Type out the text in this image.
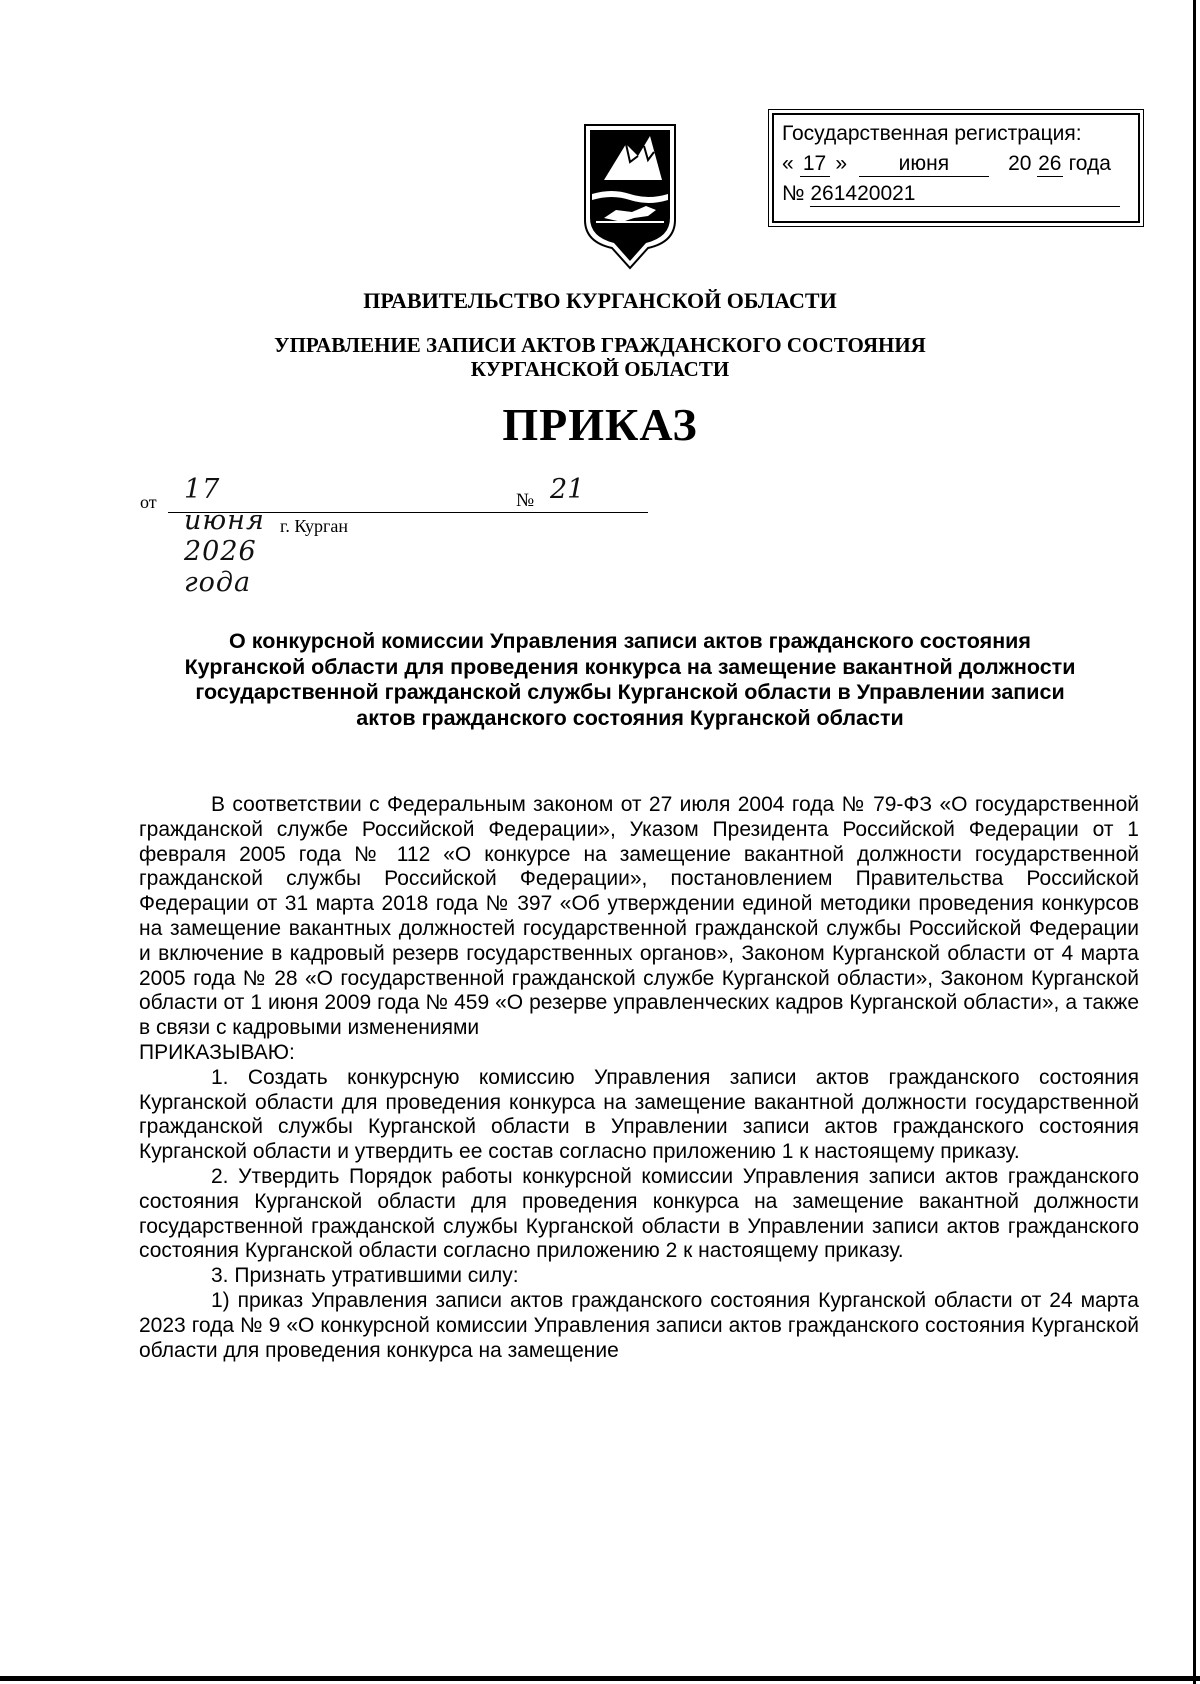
Государственная регистрация:
« 17 » июня	20 26 года
№ 261420021
ПРАВИТЕЛЬСТВО КУРГАНСКОЙ ОБЛАСТИ
УПРАВЛЕНИЕ ЗАПИСИ АКТОВ ГРАЖДАНСКОГО СОСТОЯНИЯ
КУРГАНСКОЙ ОБЛАСТИ
ПРИКАЗ
от 17 июня 2026 года
№ 21
г. Курган
О конкурсной комиссии Управления записи актов гражданского состояния Курганской области для проведения конкурса на замещение вакантной должности государственной гражданской службы Курганской области в Управлении записи актов гражданского состояния Курганской области

В соответствии с Федеральным законом от 27 июля 2004 года № 79-ФЗ «О государственной гражданской службе Российской Федерации», Указом Президента Российской Федерации от 1 февраля 2005 года № 112 «О конкурсе на замещение вакантной должности государственной гражданской службы Российской Федерации», постановлением Правительства Российской Федерации от 31 марта 2018 года № 397 «Об утверждении единой методики проведения конкурсов на замещение вакантных должностей государственной гражданской службы Российской Федерации и включение в кадровый резерв государственных органов», Законом Курганской области от 4 марта 2005 года № 28 «О государственной гражданской службе Курганской области», Законом Курганской области от 1 июня 2009 года № 459 «О резерве управленческих кадров Курганской области», а также в связи с кадровыми изменениями

ПРИКАЗЫВАЮ:

1. Создать конкурсную комиссию Управления записи актов гражданского состояния Курганской области для проведения конкурса на замещение вакантной должности государственной гражданской службы Курганской области в Управлении записи актов гражданского состояния Курганской области и утвердить ее состав согласно приложению 1 к настоящему приказу.

2. Утвердить Порядок работы конкурсной комиссии Управления записи актов гражданского состояния Курганской области для проведения конкурса на замещение вакантной должности государственной гражданской службы Курганской области в Управлении записи актов гражданского состояния Курганской области согласно приложению 2 к настоящему приказу.

3. Признать утратившими силу:

1) приказ Управления записи актов гражданского состояния Курганской области от 24 марта 2023 года № 9 «О конкурсной комиссии Управления записи актов гражданского состояния Курганской области для проведения конкурса на замещение
